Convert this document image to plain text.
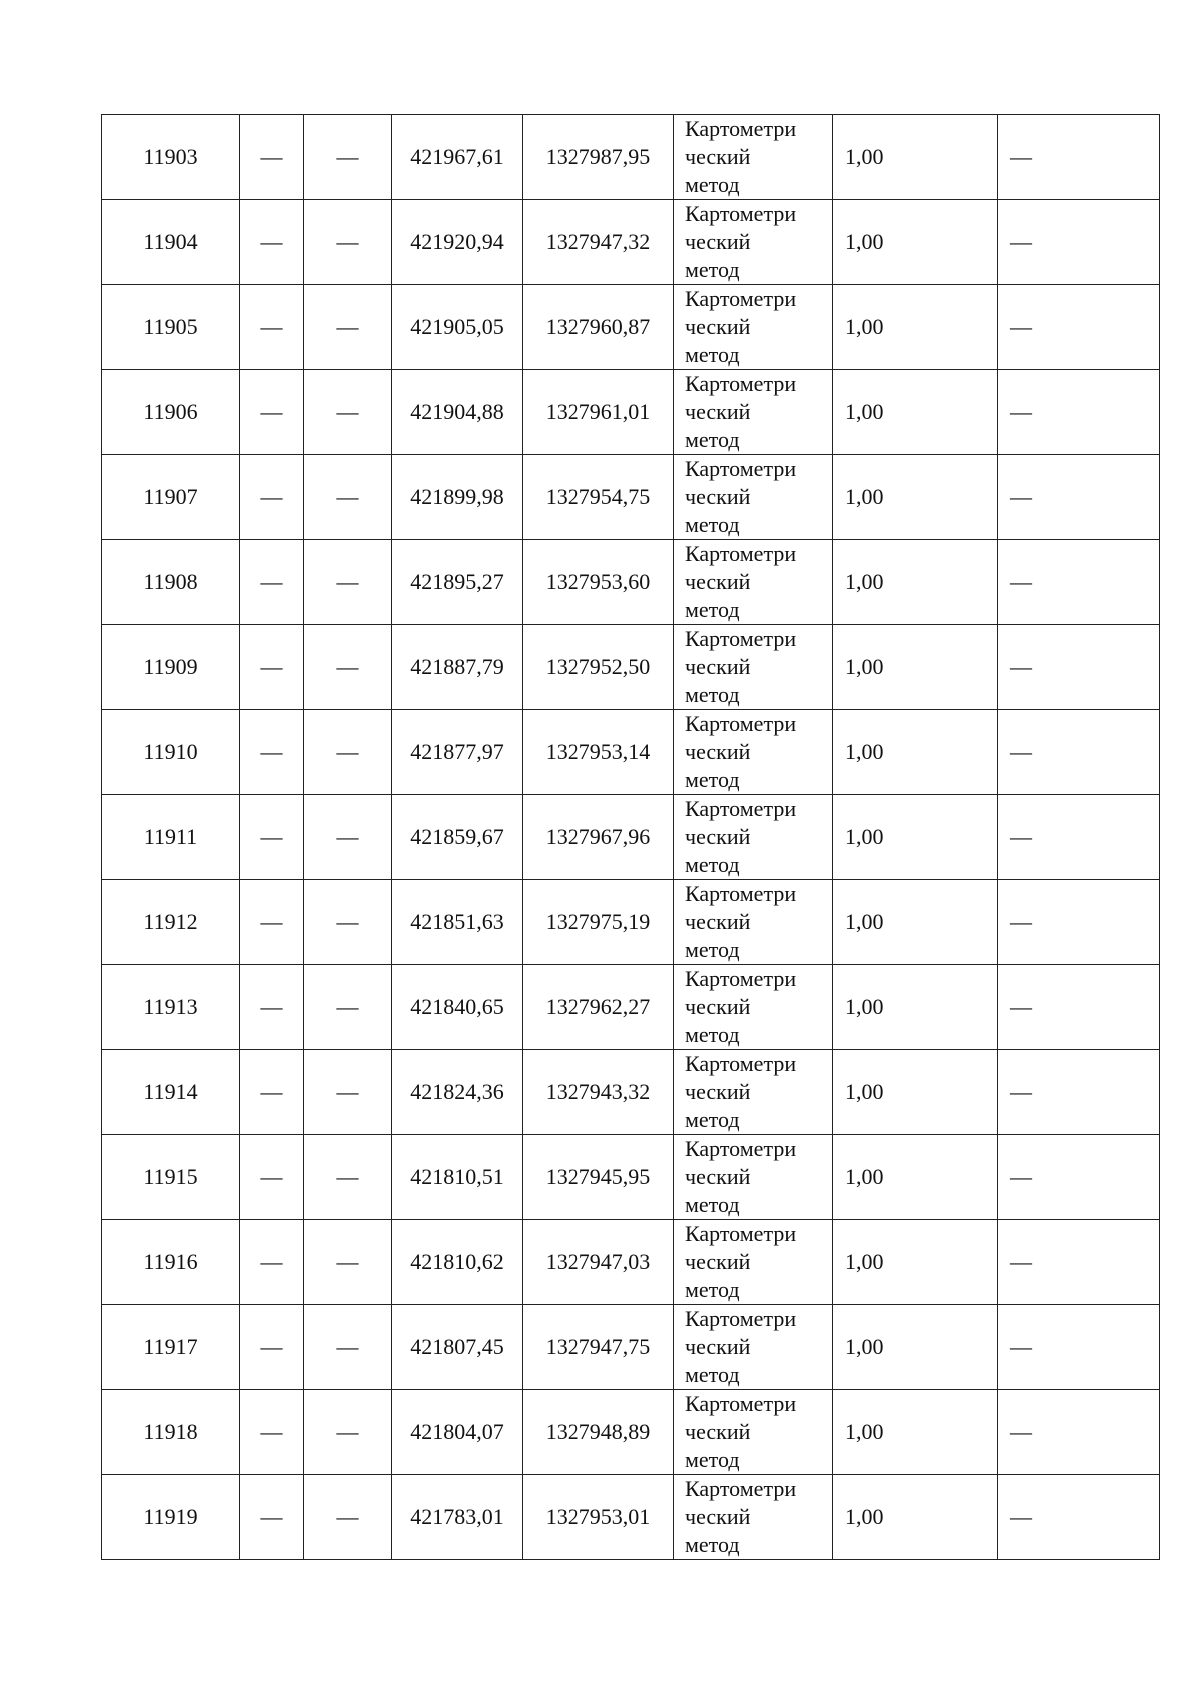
11903	—	—	421967,61	1327987,95	Картометри
ческий
метод	1,00	—
11904	—	—	421920,94	1327947,32	Картометри
ческий
метод	1,00	—
11905	—	—	421905,05	1327960,87	Картометри
ческий
метод	1,00	—
11906	—	—	421904,88	1327961,01	Картометри
ческий
метод	1,00	—
11907	—	—	421899,98	1327954,75	Картометри
ческий
метод	1,00	—
11908	—	—	421895,27	1327953,60	Картометри
ческий
метод	1,00	—
11909	—	—	421887,79	1327952,50	Картометри
ческий
метод	1,00	—
11910	—	—	421877,97	1327953,14	Картометри
ческий
метод	1,00	—
11911	—	—	421859,67	1327967,96	Картометри
ческий
метод	1,00	—
11912	—	—	421851,63	1327975,19	Картометри
ческий
метод	1,00	—
11913	—	—	421840,65	1327962,27	Картометри
ческий
метод	1,00	—
11914	—	—	421824,36	1327943,32	Картометри
ческий
метод	1,00	—
11915	—	—	421810,51	1327945,95	Картометри
ческий
метод	1,00	—
11916	—	—	421810,62	1327947,03	Картометри
ческий
метод	1,00	—
11917	—	—	421807,45	1327947,75	Картометри
ческий
метод	1,00	—
11918	—	—	421804,07	1327948,89	Картометри
ческий
метод	1,00	—
11919	—	—	421783,01	1327953,01	Картометри
ческий
метод	1,00	—
